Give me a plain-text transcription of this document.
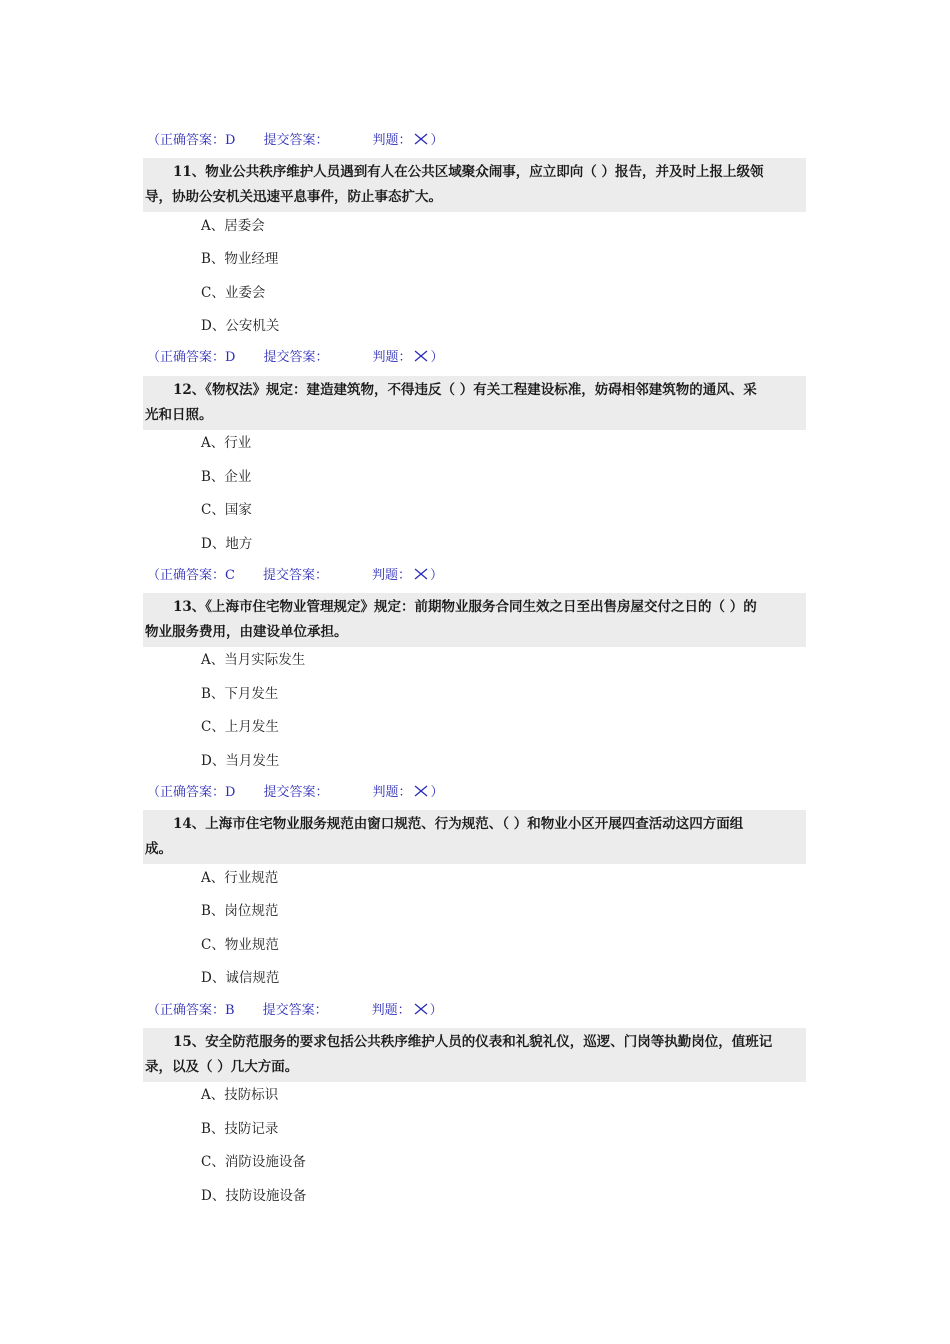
（正确答案：D 提交答案：	判题： ）
11、物业公共秩序维护人员遇到有人在公共区域聚众闹事，应立即向（ ）报告，并及时上报上级领
导，协助公安机关迅速平息事件，防止事态扩大。
A、居委会
B、物业经理
C、业委会
D、公安机关
（正确答案：D 提交答案：	判题： ）
12、《物权法》规定：建造建筑物，不得违反（ ）有关工程建设标准，妨碍相邻建筑物的通风、采
光和日照。
A、行业
B、企业
C、国家
D、地方
（正确答案：C 提交答案：	判题： ）
13、《上海市住宅物业管理规定》规定：前期物业服务合同生效之日至出售房屋交付之日的（ ）的
物业服务费用，由建设单位承担。
A、当月实际发生
B、下月发生
C、上月发生
D、当月发生
（正确答案：D 提交答案：	判题： ）
14、上海市住宅物业服务规范由窗口规范、行为规范、（ ）和物业小区开展四查活动这四方面组
成。
A、行业规范
B、岗位规范
C、物业规范
D、诚信规范
（正确答案：B 提交答案：	判题： ）
15、安全防范服务的要求包括公共秩序维护人员的仪表和礼貌礼仪，巡逻、门岗等执勤岗位，值班记
录，以及（ ）几大方面。
A、技防标识
B、技防记录
C、消防设施设备
D、技防设施设备
